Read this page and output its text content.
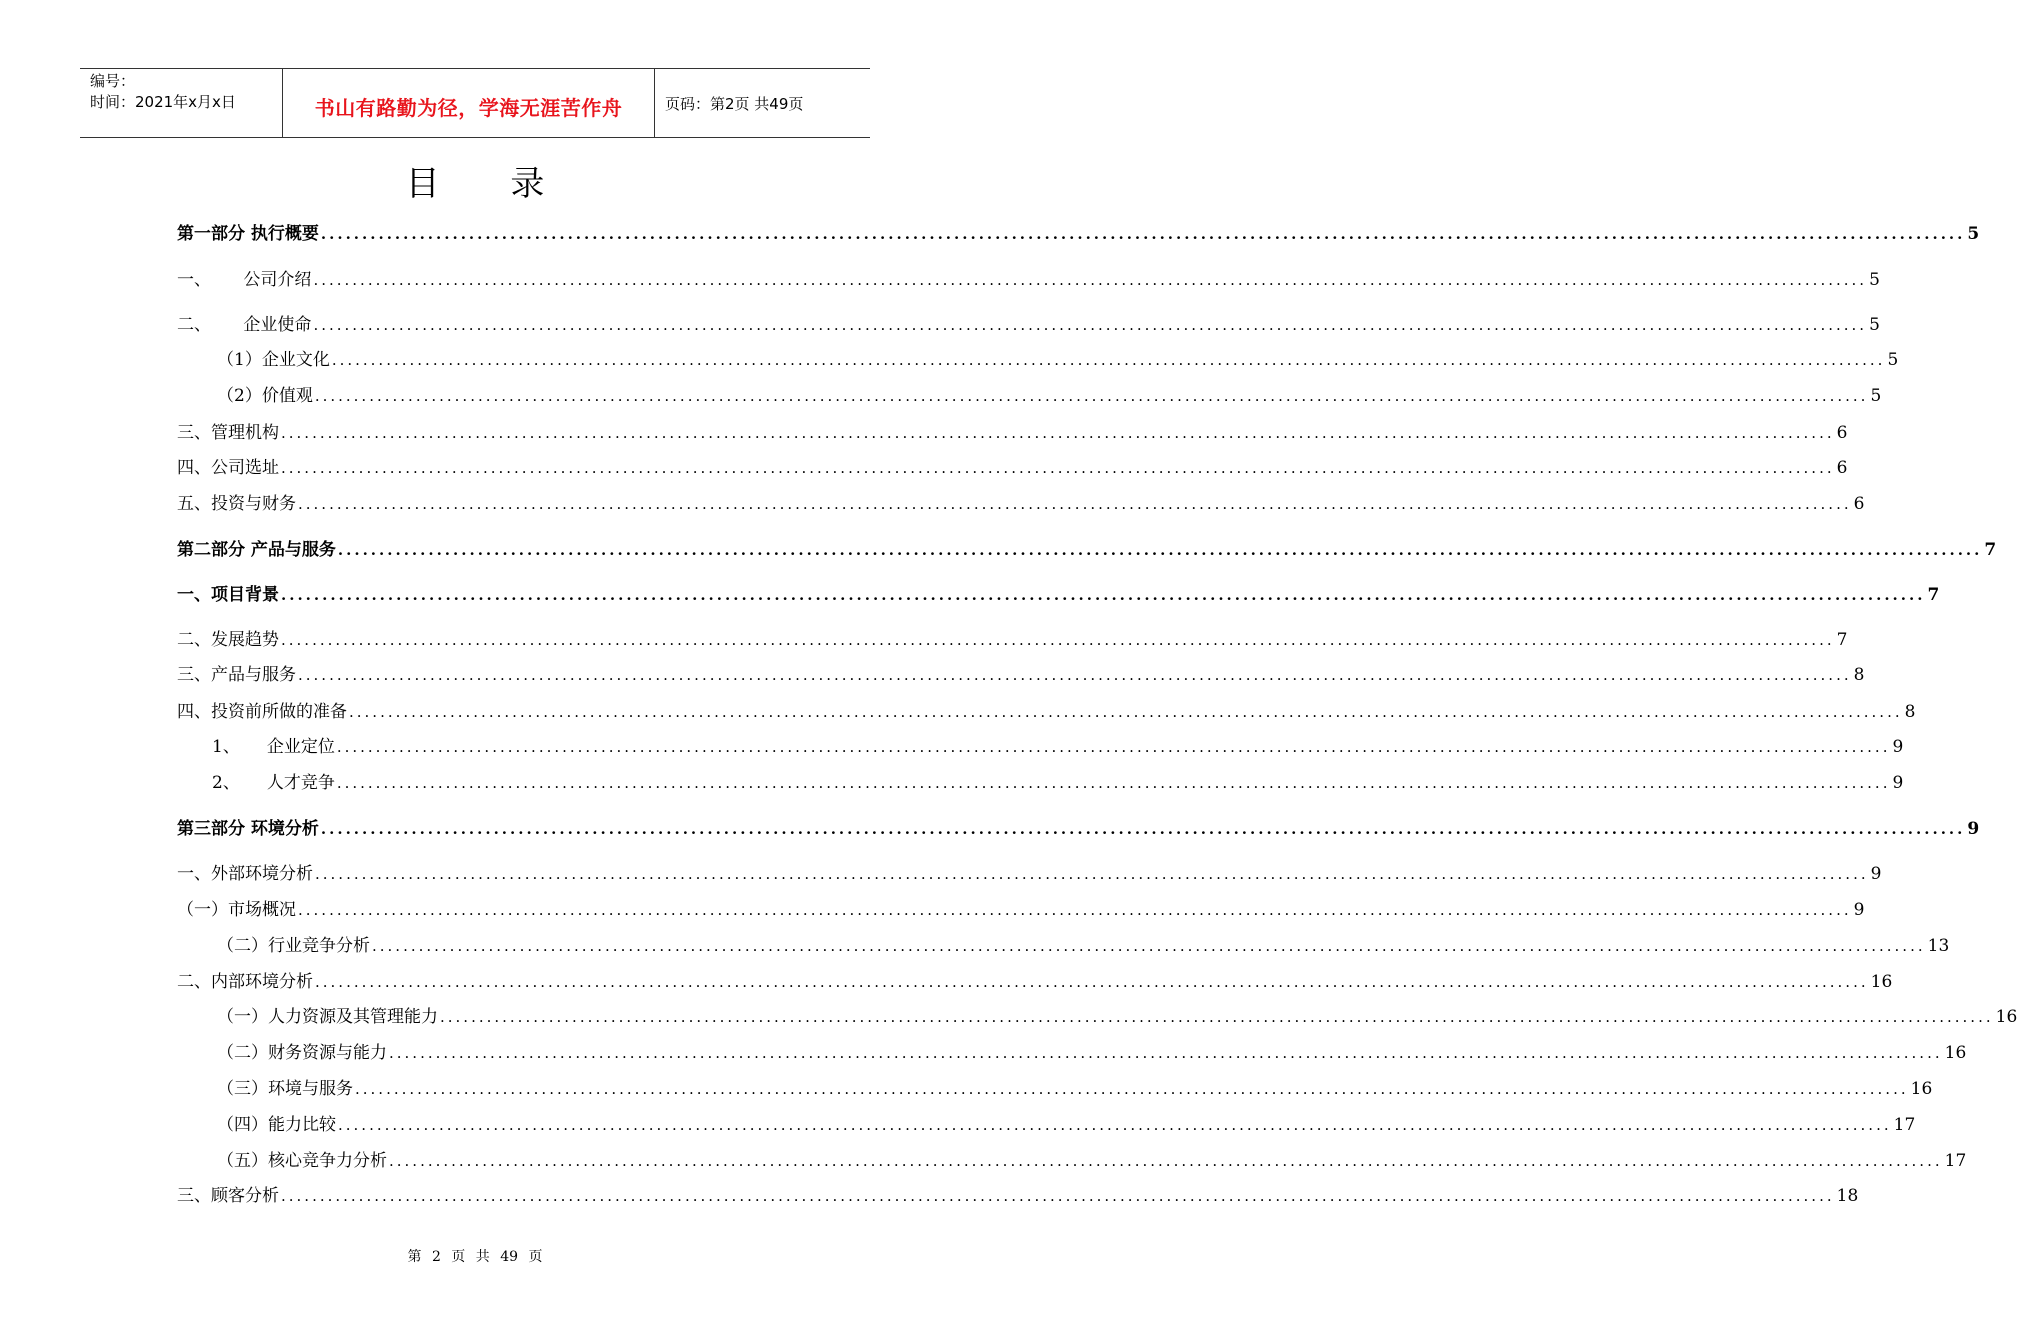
编号：
时间：2021年x月x日	书山有路勤为径，学海无涯苦作舟	页码：第2页 共49页
目 录
第一部分 执行概要 ........................................................................................................................................................................................................ 5
一、      公司介绍 ........................................................................................................................................................................................................ 5
二、      企业使命 ........................................................................................................................................................................................................ 5
（1）企业文化 ........................................................................................................................................................................................................ 5
（2）价值观 ........................................................................................................................................................................................................ 5
三、管理机构 ........................................................................................................................................................................................................ 6
四、公司选址 ........................................................................................................................................................................................................ 6
五、投资与财务 ........................................................................................................................................................................................................ 6
第二部分 产品与服务 ........................................................................................................................................................................................................ 7
一、项目背景 ........................................................................................................................................................................................................ 7
二、发展趋势 ........................................................................................................................................................................................................ 7
三、产品与服务 ........................................................................................................................................................................................................ 8
四、投资前所做的准备 ........................................................................................................................................................................................................ 8
1、     企业定位 ........................................................................................................................................................................................................ 9
2、     人才竞争 ........................................................................................................................................................................................................ 9
第三部分 环境分析 ........................................................................................................................................................................................................ 9
一、外部环境分析 ........................................................................................................................................................................................................ 9
（一）市场概况 ........................................................................................................................................................................................................ 9
（二）行业竞争分析 ........................................................................................................................................................................................................ 13
二、内部环境分析 ........................................................................................................................................................................................................ 16
（一）人力资源及其管理能力 ........................................................................................................................................................................................................ 16
（二）财务资源与能力 ........................................................................................................................................................................................................ 16
（三）环境与服务 ........................................................................................................................................................................................................ 16
（四）能力比较 ........................................................................................................................................................................................................ 17
（五）核心竞争力分析 ........................................................................................................................................................................................................ 17
三、顾客分析 ........................................................................................................................................................................................................ 18
第 2 页 共 49 页
